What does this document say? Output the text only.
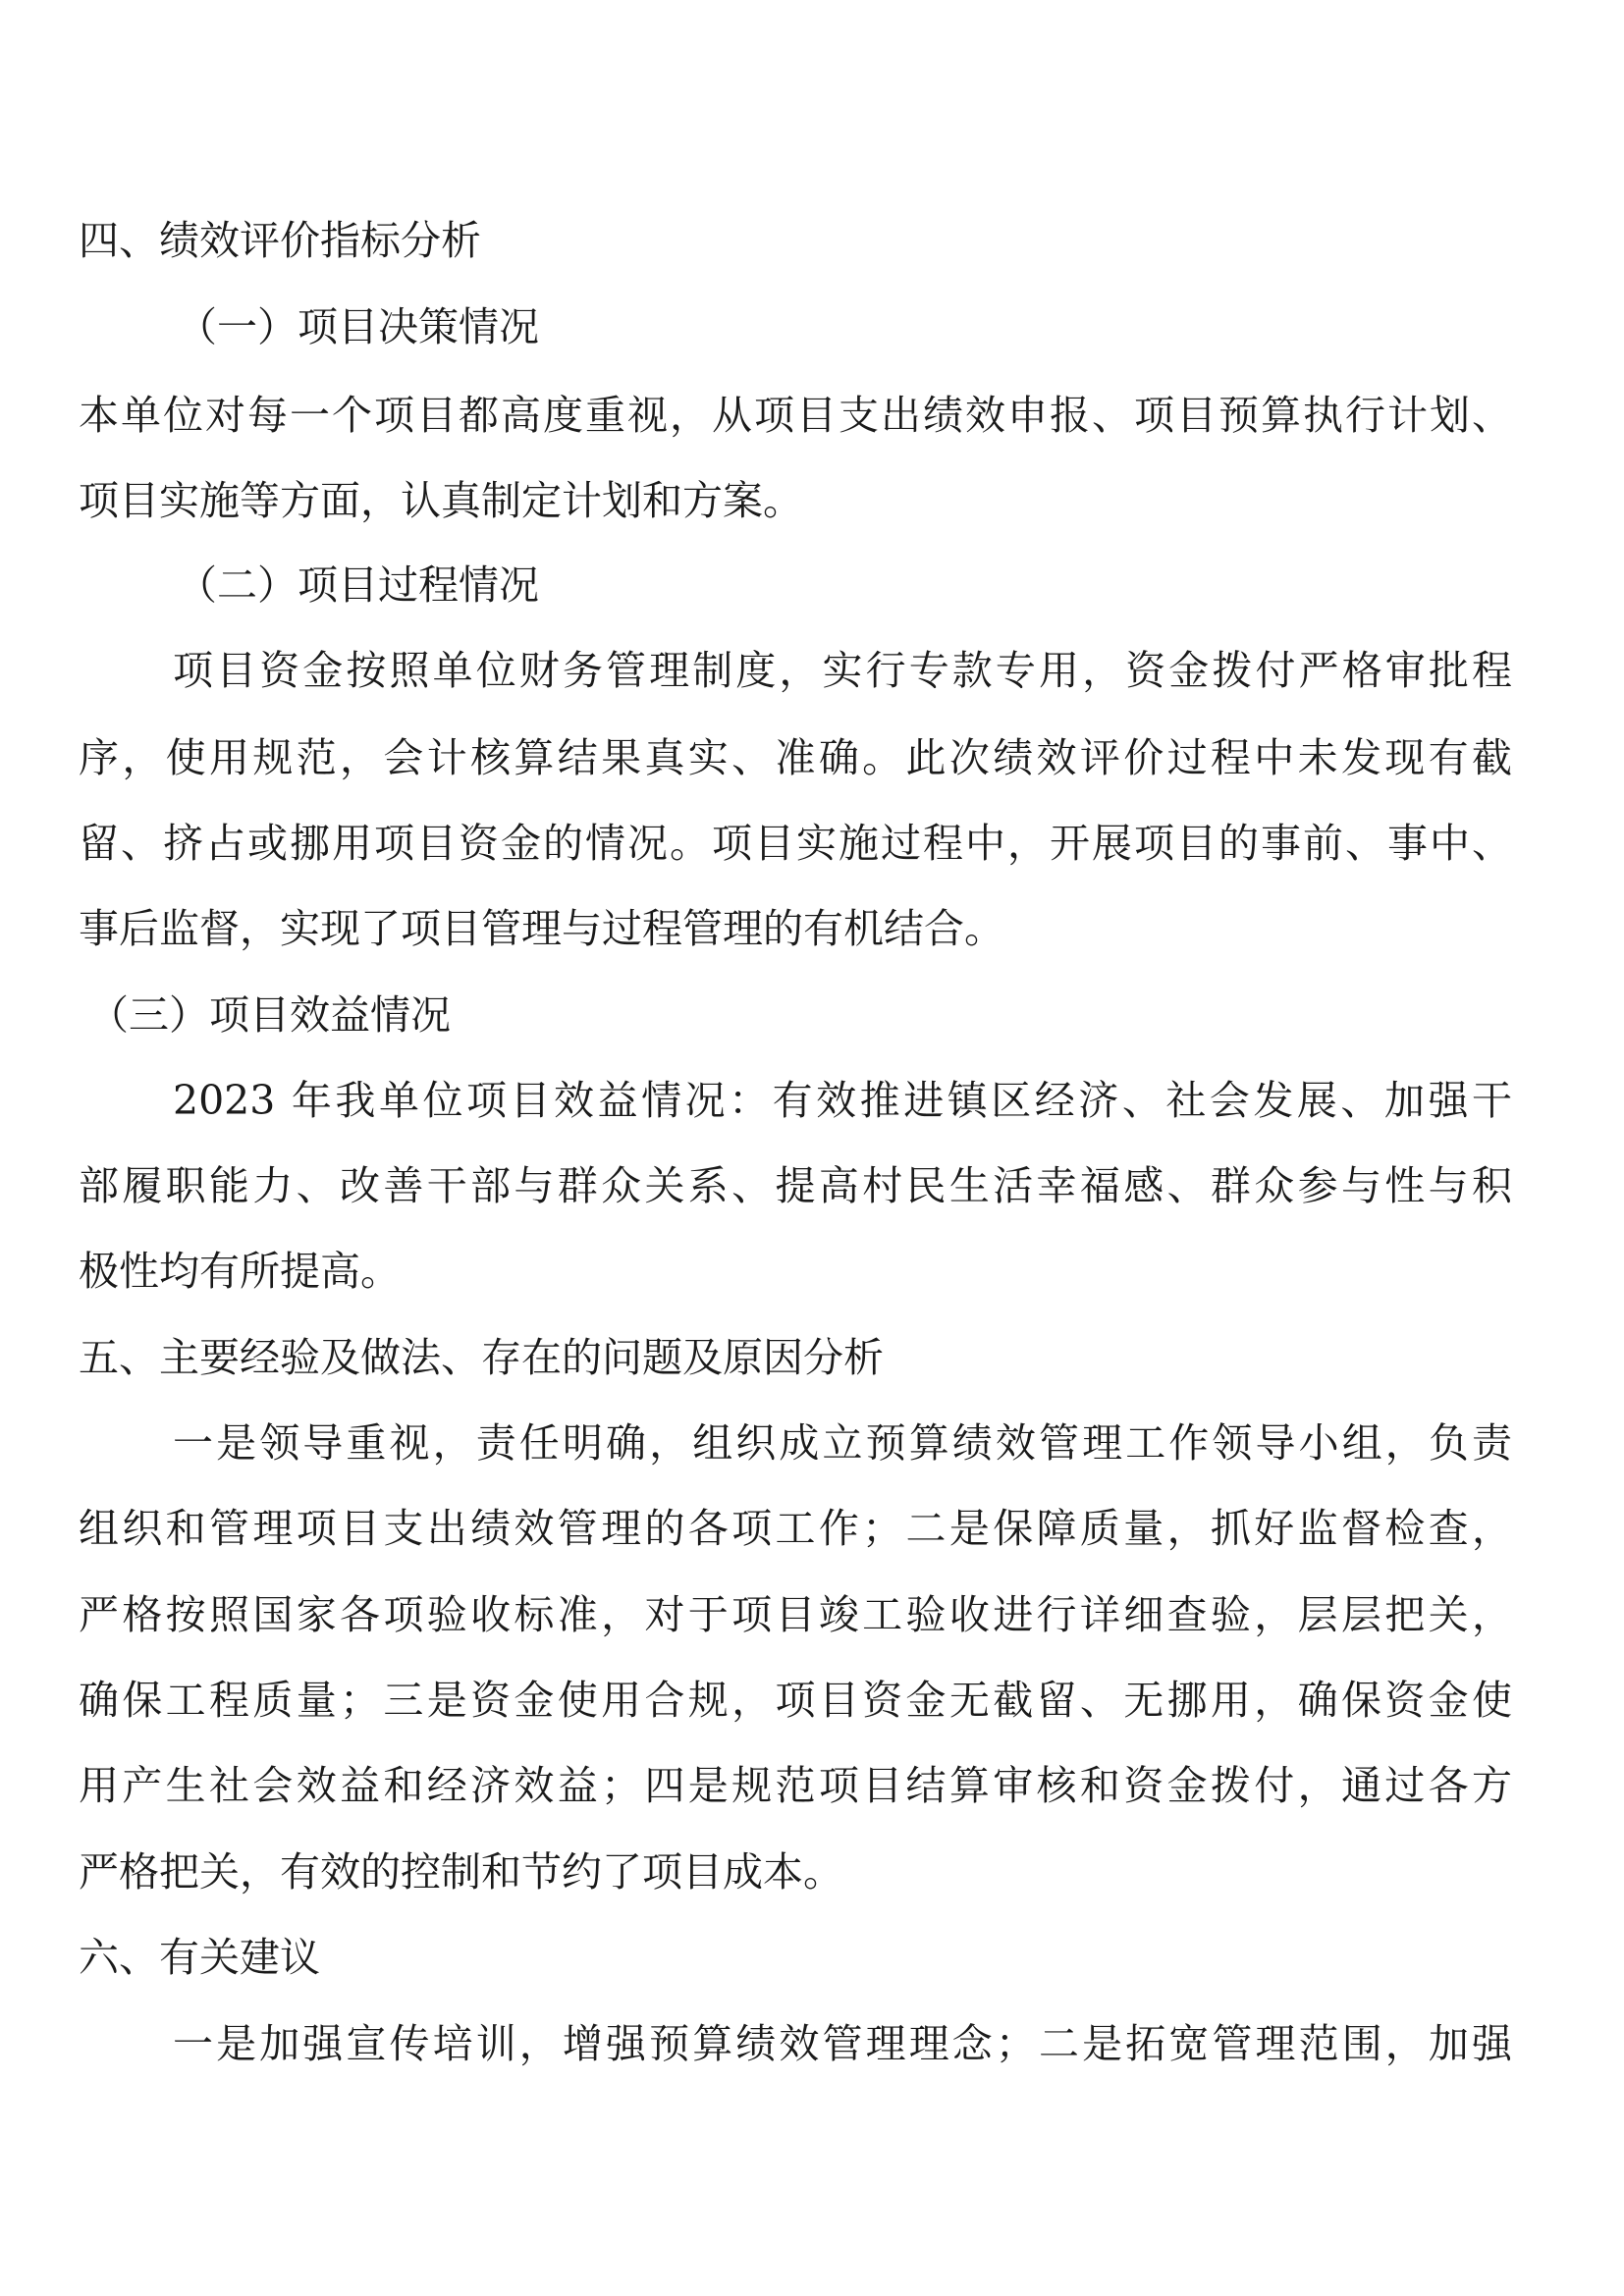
四、绩效评价指标分析

（一）项目决策情况

本单位对每一个项目都高度重视，从项目支出绩效申报、项目预算执行计划、

项目实施等方面，认真制定计划和方案。

（二）项目过程情况

项目资金按照单位财务管理制度，实行专款专用，资金拨付严格审批程

序，使用规范，会计核算结果真实、准确。此次绩效评价过程中未发现有截

留、挤占或挪用项目资金的情况。项目实施过程中，开展项目的事前、事中、

事后监督，实现了项目管理与过程管理的有机结合。

（三）项目效益情况

2023 年我单位项目效益情况：有效推进镇区经济、社会发展、加强干

部履职能力、改善干部与群众关系、提高村民生活幸福感、群众参与性与积

极性均有所提高。

五、主要经验及做法、存在的问题及原因分析

一是领导重视，责任明确，组织成立预算绩效管理工作领导小组，负责

组织和管理项目支出绩效管理的各项工作；二是保障质量，抓好监督检查，

严格按照国家各项验收标准，对于项目竣工验收进行详细查验，层层把关，

确保工程质量；三是资金使用合规，项目资金无截留、无挪用，确保资金使

用产生社会效益和经济效益；四是规范项目结算审核和资金拨付，通过各方

严格把关，有效的控制和节约了项目成本。

六、有关建议

一是加强宣传培训，增强预算绩效管理理念；二是拓宽管理范围，加强
